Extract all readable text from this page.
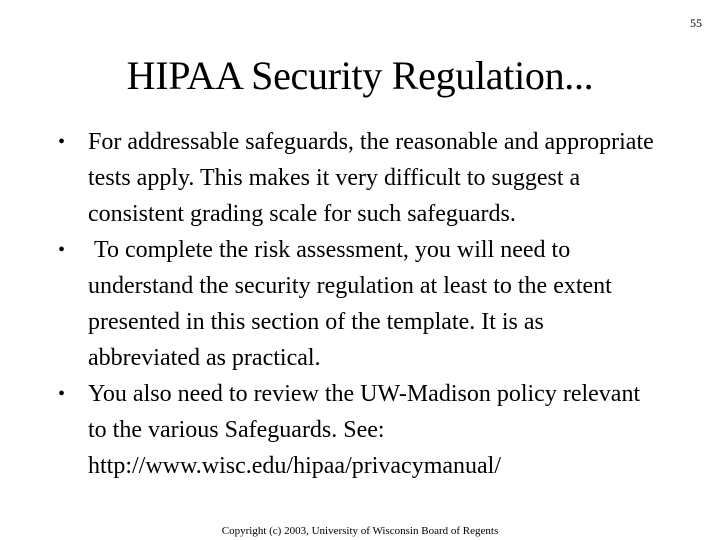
55
HIPAA Security Regulation...
• For addressable safeguards, the reasonable and appropriate tests apply. This makes it very difficult to suggest a consistent grading scale for such safeguards.
• To complete the risk assessment, you will need to understand the security regulation at least to the extent presented in this section of the template. It is as abbreviated as practical.
• You also need to review the UW-Madison policy relevant to the various Safeguards. See: http://www.wisc.edu/hipaa/privacymanual/
Copyright (c) 2003, University of Wisconsin Board of Regents
